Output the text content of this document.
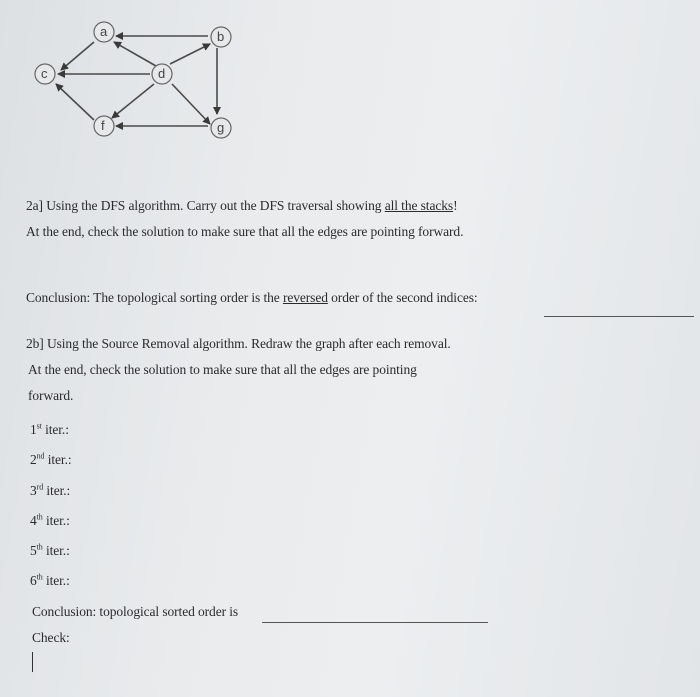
a	b
c	d
f	g
2a] Using the DFS algorithm. Carry out the DFS traversal showing all the stacks!
At the end, check the solution to make sure that all the edges are pointing forward.
Conclusion: The topological sorting order is the reversed order of the second indices:
2b] Using the Source Removal algorithm. Redraw the graph after each removal.
At the end, check the solution to make sure that all the edges are pointing
forward.
1st iter.:
2nd iter.:
3rd iter.:
4th iter.:
5th iter.:
6th iter.:
Conclusion: topological sorted order is
Check:
